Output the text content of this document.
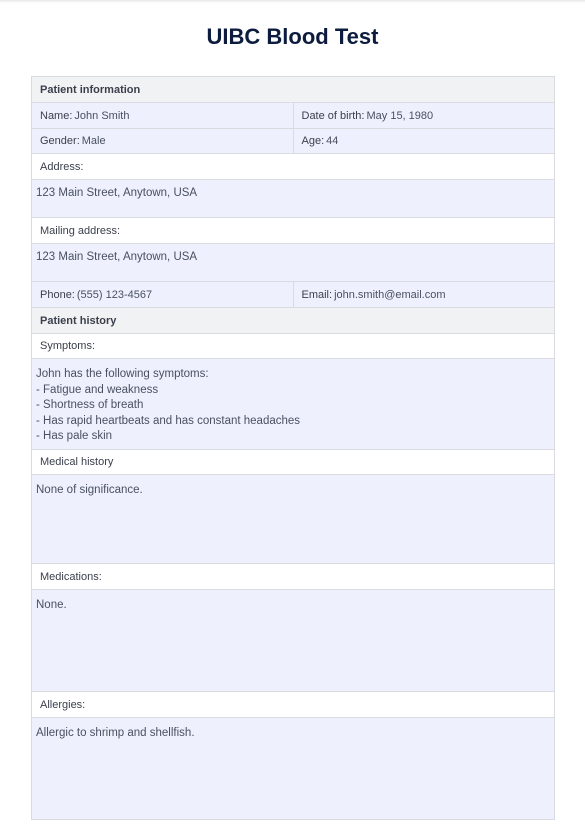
UIBC Blood Test
Patient information
Name: John Smith	Date of birth: May 15, 1980
Gender: Male	Age: 44
Address:
123 Main Street, Anytown, USA
Mailing address:
123 Main Street, Anytown, USA
Phone: (555) 123-4567	Email: john.smith@email.com
Patient history
Symptoms:
John has the following symptoms:
- Fatigue and weakness
- Shortness of breath
- Has rapid heartbeats and has constant headaches
- Has pale skin
Medical history
None of significance.
Medications:
None.
Allergies:
Allergic to shrimp and shellfish.
